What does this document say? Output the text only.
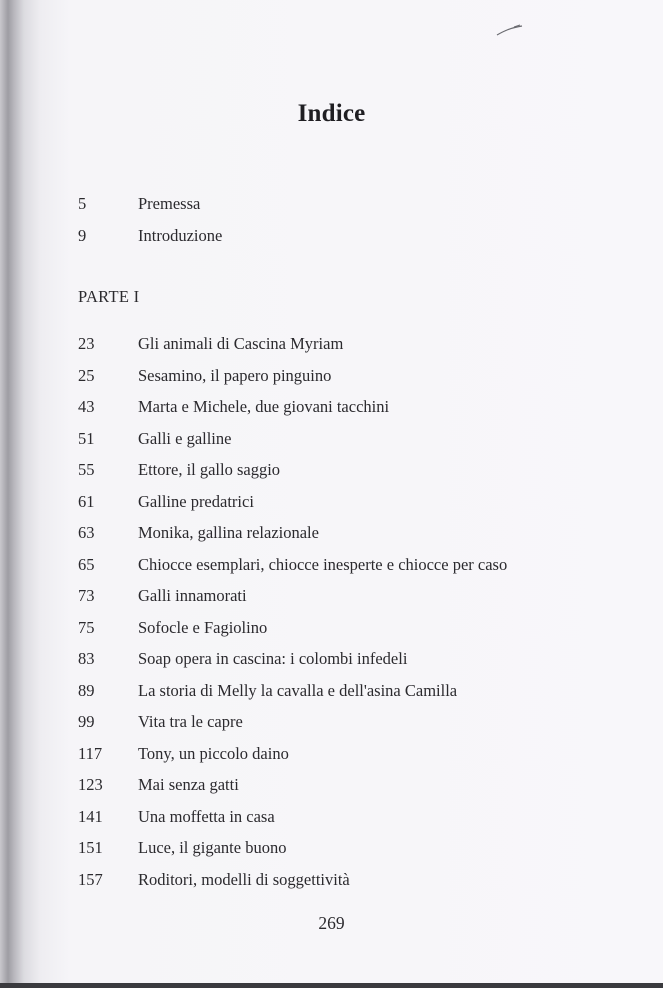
Indice
5	Premessa
9	Introduzione
PARTE I
23	Gli animali di Cascina Myriam
25	Sesamino, il papero pinguino
43	Marta e Michele, due giovani tacchini
51	Galli e galline
55	Ettore, il gallo saggio
61	Galline predatrici
63	Monika, gallina relazionale
65	Chiocce esemplari, chiocce inesperte e chiocce per caso
73	Galli innamorati
75	Sofocle e Fagiolino
83	Soap opera in cascina: i colombi infedeli
89	La storia di Melly la cavalla e dell'asina Camilla
99	Vita tra le capre
117	Tony, un piccolo daino
123	Mai senza gatti
141	Una moffetta in casa
151	Luce, il gigante buono
157	Roditori, modelli di soggettività
269
